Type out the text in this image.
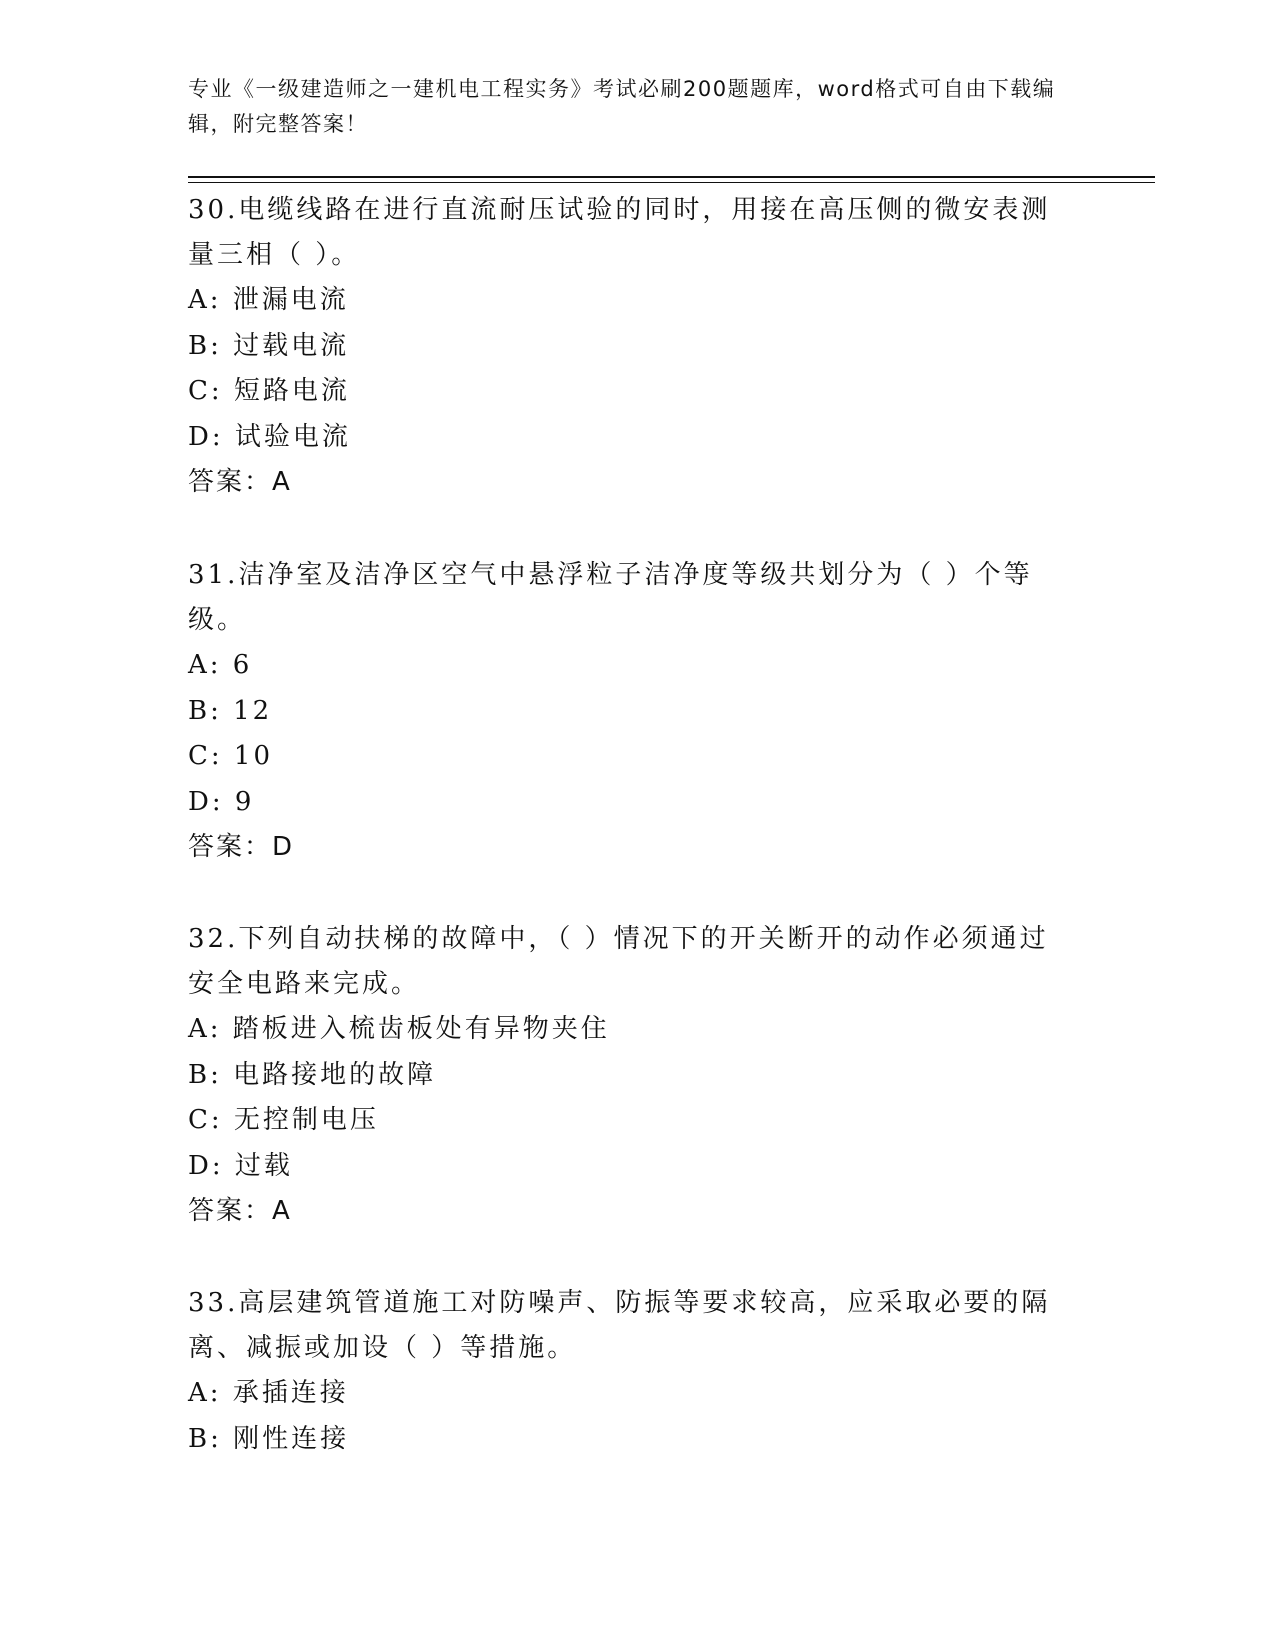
专业《一级建造师之一建机电工程实务》考试必刷200题题库，word格式可自由下载编辑，附完整答案！

30.电缆线路在进行直流耐压试验的同时，用接在高压侧的微安表测量三相（ ）。

A: 泄漏电流

B: 过载电流

C: 短路电流

D: 试验电流

答案：A

31.洁净室及洁净区空气中悬浮粒子洁净度等级共划分为（ ）个等级。

A: 6

B: 12

C: 10

D: 9

答案：D

32.下列自动扶梯的故障中，（ ）情况下的开关断开的动作必须通过安全电路来完成。

A: 踏板进入梳齿板处有异物夹住

B: 电路接地的故障

C: 无控制电压

D: 过载

答案：A

33.高层建筑管道施工对防噪声、防振等要求较高，应采取必要的隔离、减振或加设（ ）等措施。

A: 承插连接

B: 刚性连接
